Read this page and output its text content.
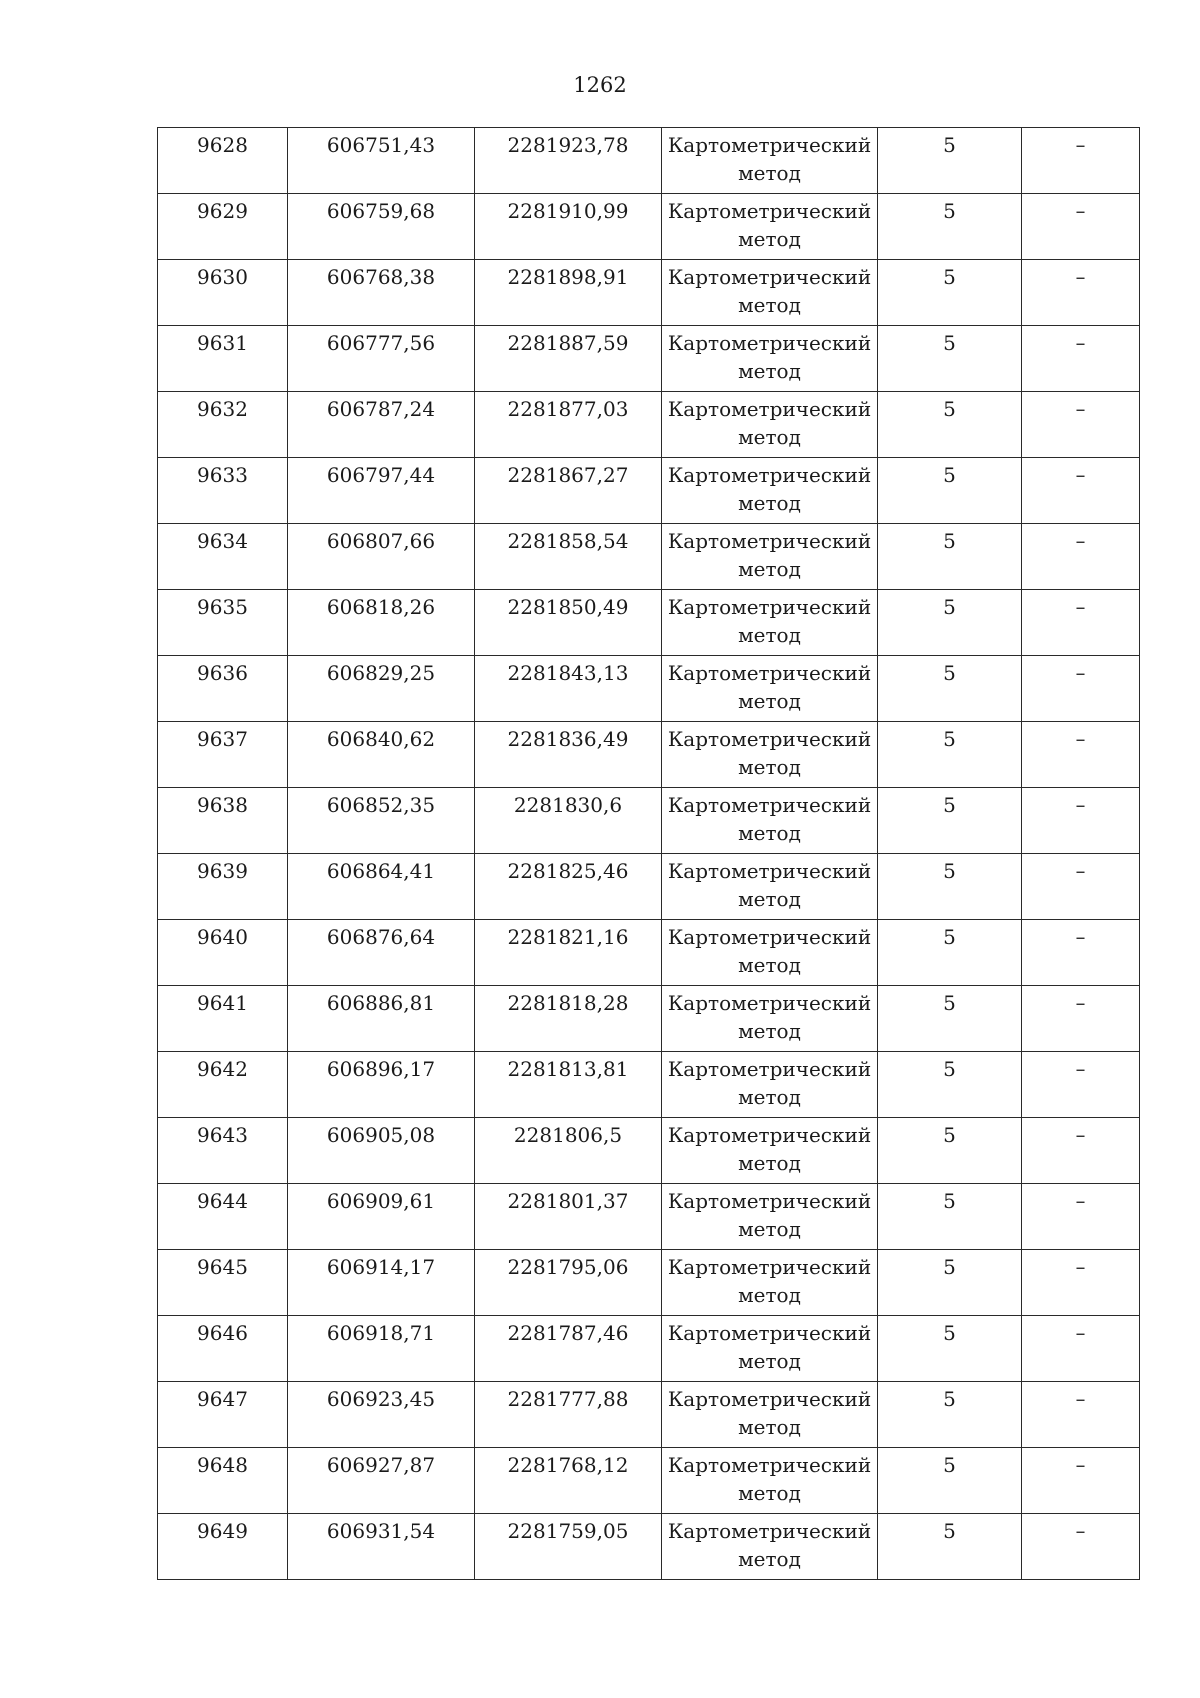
1262
9628	606751,43	2281923,78	Картометрический метод	5	–
9629	606759,68	2281910,99	Картометрический метод	5	–
9630	606768,38	2281898,91	Картометрический метод	5	–
9631	606777,56	2281887,59	Картометрический метод	5	–
9632	606787,24	2281877,03	Картометрический метод	5	–
9633	606797,44	2281867,27	Картометрический метод	5	–
9634	606807,66	2281858,54	Картометрический метод	5	–
9635	606818,26	2281850,49	Картометрический метод	5	–
9636	606829,25	2281843,13	Картометрический метод	5	–
9637	606840,62	2281836,49	Картометрический метод	5	–
9638	606852,35	2281830,6	Картометрический метод	5	–
9639	606864,41	2281825,46	Картометрический метод	5	–
9640	606876,64	2281821,16	Картометрический метод	5	–
9641	606886,81	2281818,28	Картометрический метод	5	–
9642	606896,17	2281813,81	Картометрический метод	5	–
9643	606905,08	2281806,5	Картометрический метод	5	–
9644	606909,61	2281801,37	Картометрический метод	5	–
9645	606914,17	2281795,06	Картометрический метод	5	–
9646	606918,71	2281787,46	Картометрический метод	5	–
9647	606923,45	2281777,88	Картометрический метод	5	–
9648	606927,87	2281768,12	Картометрический метод	5	–
9649	606931,54	2281759,05	Картометрический метод	5	–
